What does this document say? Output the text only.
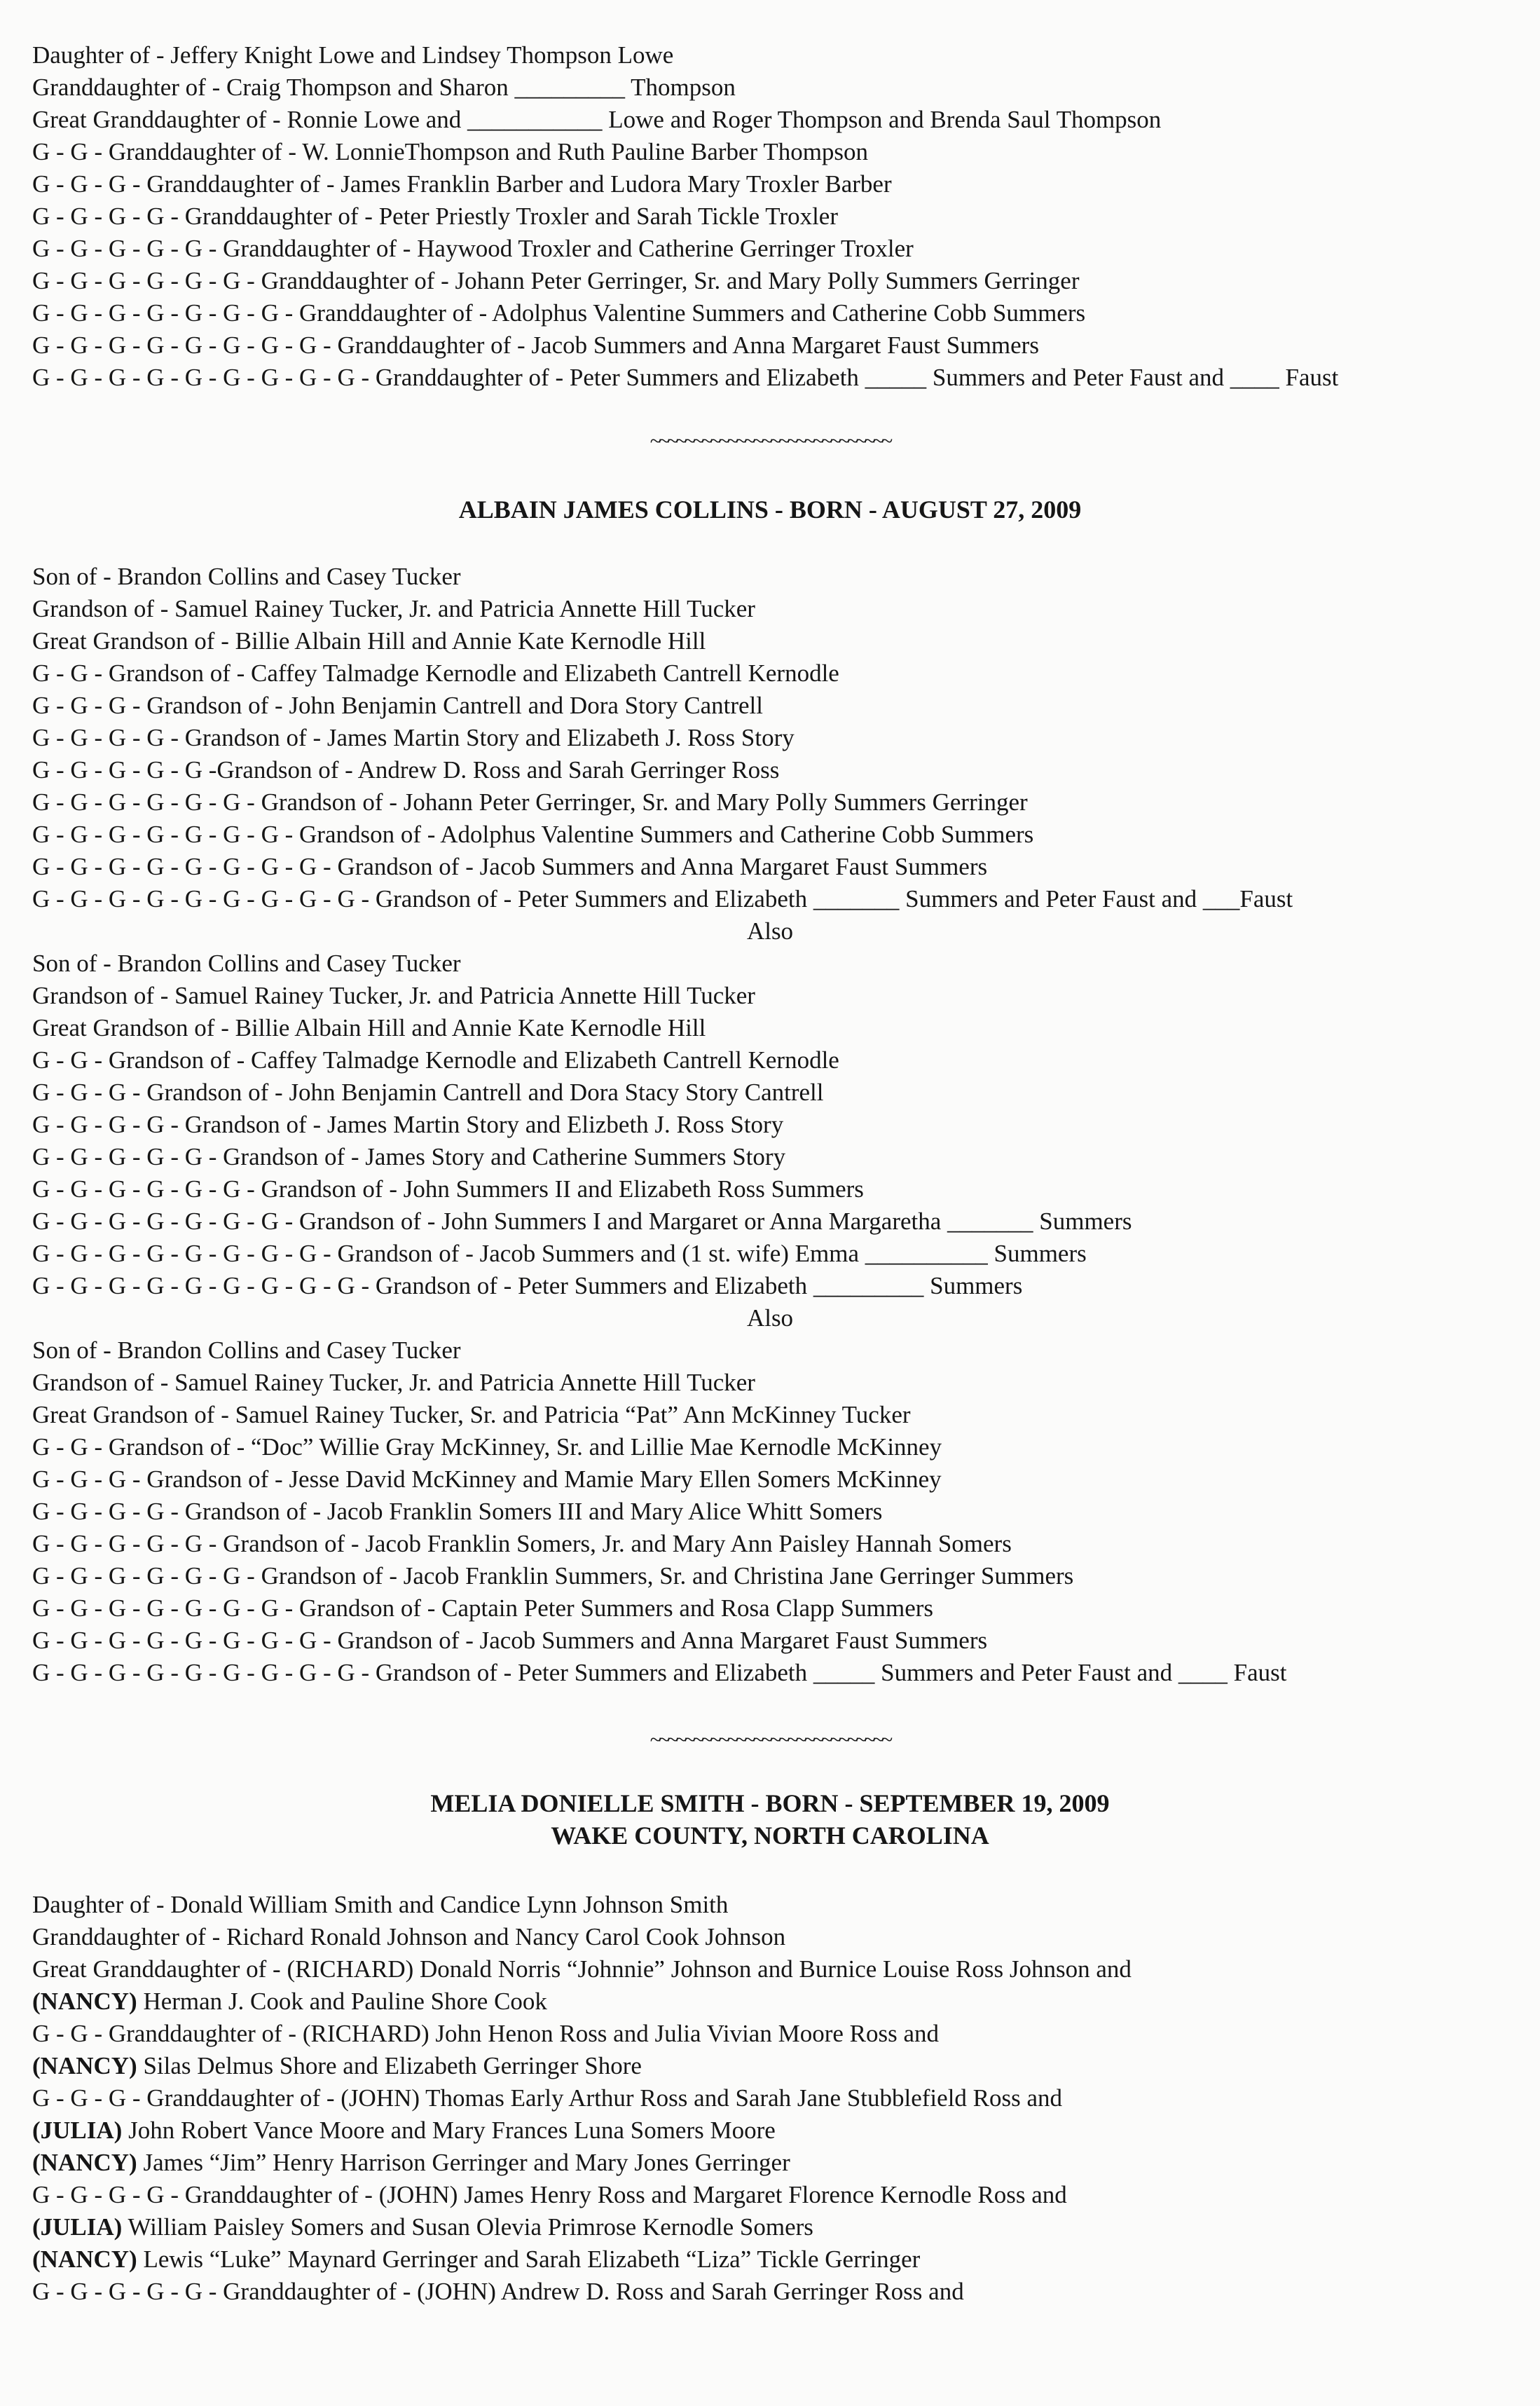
Daughter of - Jeffery Knight Lowe and Lindsey Thompson Lowe
Granddaughter of - Craig Thompson and Sharon _________ Thompson
Great Granddaughter of - Ronnie Lowe and ___________ Lowe and Roger Thompson and Brenda Saul Thompson
G - G - Granddaughter of - W. LonnieThompson and Ruth Pauline Barber Thompson
G - G - G - Granddaughter of - James Franklin Barber and Ludora Mary Troxler Barber
G - G - G - G - Granddaughter of - Peter Priestly Troxler and Sarah Tickle Troxler
G - G - G - G - G - Granddaughter of - Haywood Troxler and Catherine Gerringer Troxler
G - G - G - G - G - G - Granddaughter of - Johann Peter Gerringer, Sr. and Mary Polly Summers Gerringer
G - G - G - G - G - G - G - Granddaughter of - Adolphus Valentine Summers and Catherine Cobb Summers
G - G - G - G - G - G - G - G - Granddaughter of - Jacob Summers and Anna Margaret Faust Summers
G - G - G - G - G - G - G - G - G - Granddaughter of - Peter Summers and Elizabeth _____ Summers and Peter Faust and ____ Faust
~~~~~~~~~~~~~~~~~~~~~~~~~~~~
ALBAIN JAMES COLLINS - BORN - AUGUST 27, 2009
Son of - Brandon Collins and Casey Tucker
Grandson of - Samuel Rainey Tucker, Jr. and Patricia Annette Hill Tucker
Great Grandson of - Billie Albain Hill and Annie Kate Kernodle Hill
G - G - Grandson of - Caffey Talmadge Kernodle and Elizabeth Cantrell Kernodle
G - G - G - Grandson of - John Benjamin Cantrell and Dora Story Cantrell
G - G - G - G - Grandson of - James Martin Story and Elizabeth J. Ross Story
G - G - G - G - G -Grandson of - Andrew D. Ross and Sarah Gerringer Ross
G - G - G - G - G - G - Grandson of - Johann Peter Gerringer, Sr. and Mary Polly Summers Gerringer
G - G - G - G - G - G - G - Grandson of - Adolphus Valentine Summers and Catherine Cobb Summers
G - G - G - G - G - G - G - G - Grandson of - Jacob Summers and Anna Margaret Faust Summers
G - G - G - G - G - G - G - G - G - Grandson of - Peter Summers and Elizabeth _______ Summers and Peter Faust and ___Faust
Also
Son of - Brandon Collins and Casey Tucker
Grandson of - Samuel Rainey Tucker, Jr. and Patricia Annette Hill Tucker
Great Grandson of - Billie Albain Hill and Annie Kate Kernodle Hill
G - G - Grandson of - Caffey Talmadge Kernodle and Elizabeth Cantrell Kernodle
G - G - G - Grandson of - John Benjamin Cantrell and Dora Stacy Story Cantrell
G - G - G - G - Grandson of - James Martin Story and Elizbeth J. Ross Story
G - G - G - G - G - Grandson of - James Story and Catherine Summers Story
G - G - G - G - G - G - Grandson of - John Summers II and Elizabeth Ross Summers
G - G - G - G - G - G - G - Grandson of - John Summers I and Margaret or Anna Margaretha _______ Summers
G - G - G - G - G - G - G - G - Grandson of - Jacob Summers and (1 st. wife) Emma __________ Summers
G - G - G - G - G - G - G - G - G - Grandson of - Peter Summers and Elizabeth _________ Summers
Also
Son of - Brandon Collins and Casey Tucker
Grandson of - Samuel Rainey Tucker, Jr. and Patricia Annette Hill Tucker
Great Grandson of - Samuel Rainey Tucker, Sr. and Patricia “Pat” Ann McKinney Tucker
G - G - Grandson of - “Doc” Willie Gray McKinney, Sr. and Lillie Mae Kernodle McKinney
G - G - G - Grandson of - Jesse David McKinney and Mamie Mary Ellen Somers McKinney
G - G - G - G - Grandson of - Jacob Franklin Somers III and Mary Alice Whitt Somers
G - G - G - G - G - Grandson of - Jacob Franklin Somers, Jr. and Mary Ann Paisley Hannah Somers
G - G - G - G - G - G - Grandson of - Jacob Franklin Summers, Sr. and Christina Jane Gerringer Summers
G - G - G - G - G - G - G - Grandson of - Captain Peter Summers and Rosa Clapp Summers
G - G - G - G - G - G - G - G - Grandson of - Jacob Summers and Anna Margaret Faust Summers
G - G - G - G - G - G - G - G - G - Grandson of - Peter Summers and Elizabeth _____ Summers and Peter Faust and ____ Faust
~~~~~~~~~~~~~~~~~~~~~~~~~~~~
MELIA DONIELLE SMITH - BORN - SEPTEMBER 19, 2009
WAKE COUNTY, NORTH CAROLINA
Daughter of - Donald William Smith and Candice Lynn Johnson Smith
Granddaughter of - Richard Ronald Johnson and Nancy Carol Cook Johnson
Great Granddaughter of - (RICHARD) Donald Norris “Johnnie” Johnson and Burnice Louise Ross Johnson and
(NANCY) Herman J. Cook and Pauline Shore Cook
G - G - Granddaughter of - (RICHARD) John Henon Ross and Julia Vivian Moore Ross and
(NANCY) Silas Delmus Shore and Elizabeth Gerringer Shore
G - G - G - Granddaughter of - (JOHN) Thomas Early Arthur Ross and Sarah Jane Stubblefield Ross and
(JULIA) John Robert Vance Moore and Mary Frances Luna Somers Moore
(NANCY) James “Jim” Henry Harrison Gerringer and Mary Jones Gerringer
G - G - G - G - Granddaughter of - (JOHN) James Henry Ross and Margaret Florence Kernodle Ross and
(JULIA) William Paisley Somers and Susan Olevia Primrose Kernodle Somers
(NANCY) Lewis “Luke” Maynard Gerringer and Sarah Elizabeth “Liza” Tickle Gerringer
G - G - G - G - G - Granddaughter of - (JOHN) Andrew D. Ross and Sarah Gerringer Ross and
